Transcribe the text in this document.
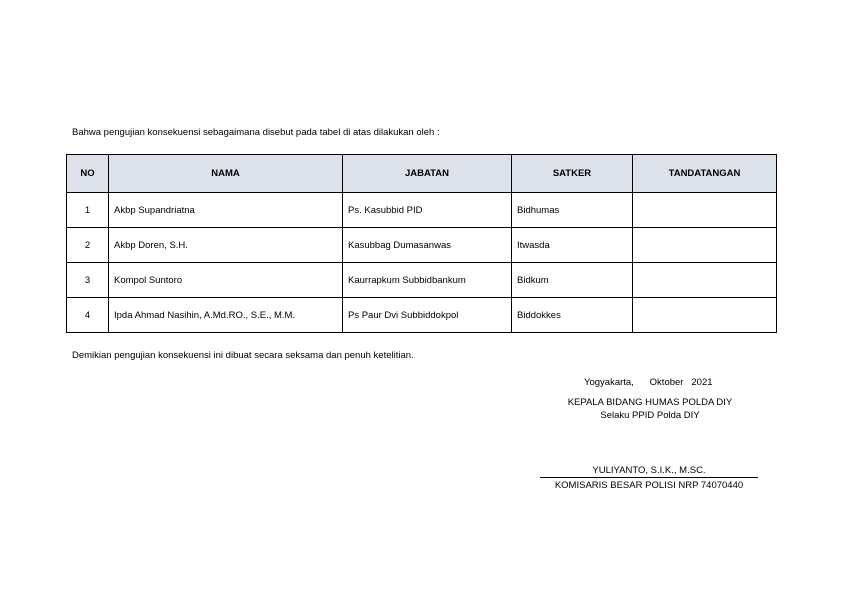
Bahwa pengujian konsekuensi sebagaimana disebut pada tabel di atas dilakukan oleh :
NO	NAMA	JABATAN	SATKER	TANDATANGAN
1	Akbp Supandriatna	Ps. Kasubbid PID	Bidhumas	
2	Akbp Doren, S.H.	Kasubbag Dumasanwas	Itwasda	
3	Kompol Suntoro	Kaurrapkum Subbidbankum	Bidkum	
4	Ipda Ahmad Nasihin, A.Md.RO., S.E., M.M.	Ps Paur Dvi Subbiddokpol	Biddokkes	
Demikian pengujian konsekuensi ini dibuat secara seksama dan penuh ketelitian.
Yogyakarta,      Oktober   2021
KEPALA BIDANG HUMAS POLDA DIY
Selaku PPID Polda DIY
YULIYANTO, S.I.K., M.SC.
KOMISARIS BESAR POLISI NRP 74070440
